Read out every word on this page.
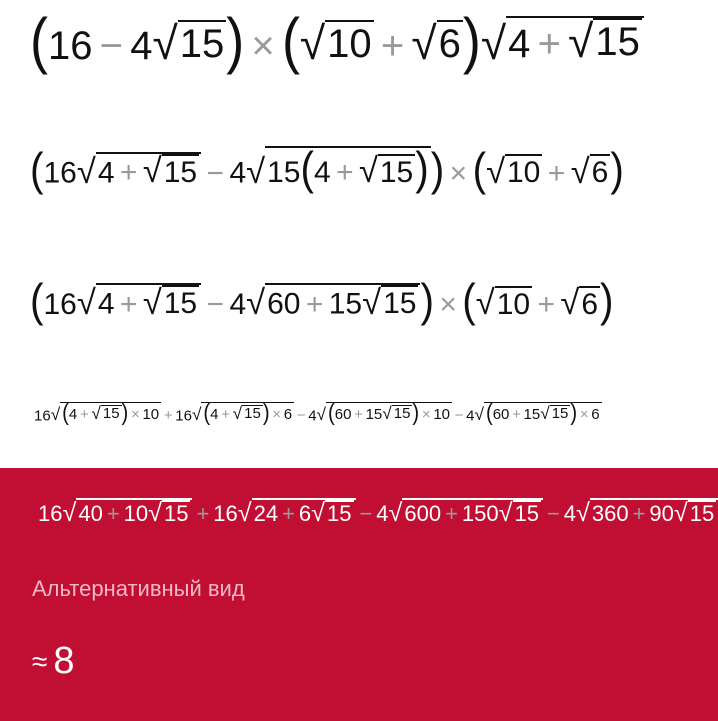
(16 − 4 √ 15 ) × ( √ 10 + √ 6 ) √ 4 + √ 15
(16 √ 4 + √ 15 − 4 √ 15(4 + √ 15 ) ) × ( √ 10 + √ 6 )
(16 √ 4 + √ 15 − 4 √ 60 + 15 √ 15 ) × ( √ 10 + √ 6 )
16 √ (4 + √ 15 ) × 10 + 16 √ (4 + √ 15 ) × 6 − 4 √ (60 + 15 √ 15 ) × 10 − 4 √ (60 + 15 √ 15 ) × 6
16 √ 40 + 10 √ 15 + 16 √ 24 + 6 √ 15 − 4 √ 600 + 150 √ 15 − 4 √ 360 + 90 √ 15
Альтернативный вид
≈ 8
